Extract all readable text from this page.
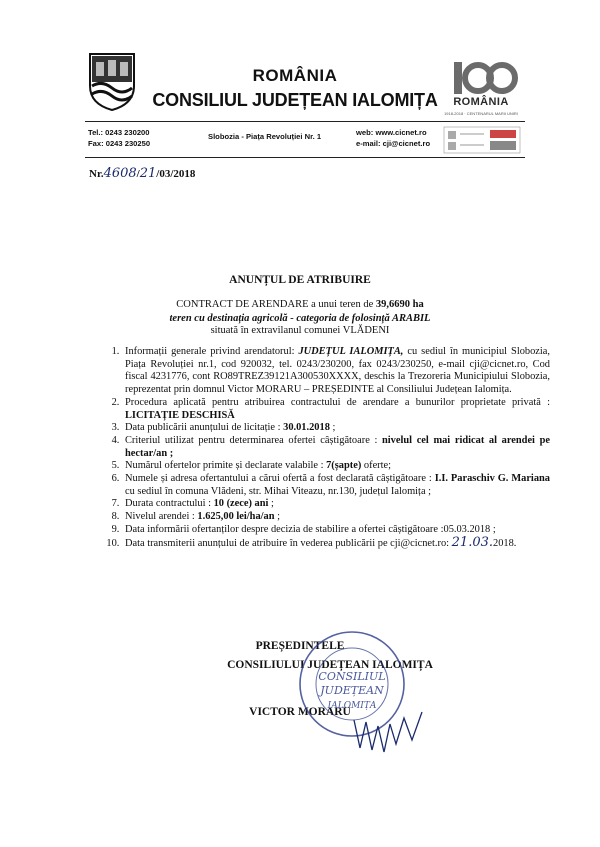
ROMÂNIA
CONSILIUL JUDEȚEAN IALOMIȚA	ROMÂNIA
1918-2018 · CENTENARUL MARII UNIRI
Tel.: 0243 230200
Fax: 0243 230250
Slobozia - Piața Revoluției Nr. 1	web: www.cicnet.ro
e-mail: cji@cicnet.ro
Nr.4608/21/03/2018
ANUNȚUL DE ATRIBUIRE
CONTRACT DE ARENDARE a unui teren de 39,6690 ha
teren cu destinația agricolă - categoria de folosință ARABIL
situată în extravilanul comunei VLĂDENI
1. Informații generale privind arendatorul: JUDEȚUL IALOMIȚA, cu sediul în municipiul Slobozia, Piața Revoluției nr.1, cod 920032, tel. 0243/230200, fax 0243/230250, e-mail cji@cicnet.ro, Cod fiscal 4231776, cont RO89TREZ39121A300530XXXX, deschis la Trezoreria Municipiului Slobozia, reprezentat prin domnul Victor MORARU – PREȘEDINTE al Consiliului Județean Ialomița.
2. Procedura aplicată pentru atribuirea contractului de arendare a bunurilor proprietate privată : LICITAȚIE DESCHISĂ
3. Data publicării anunțului de licitație : 30.01.2018 ;
4. Criteriul utilizat pentru determinarea ofertei câștigătoare : nivelul cel mai ridicat al arendei pe hectar/an ;
5. Numărul ofertelor primite și declarate valabile : 7(șapte) oferte;
6. Numele și adresa ofertantului a cărui ofertă a fost declarată câștigătoare : I.I. Paraschiv G. Mariana cu sediul în comuna Vlădeni, str. Mihai Viteazu, nr.130, județul Ialomița ;
7. Durata contractului : 10 (zece) ani ;
8. Nivelul arendei : 1.625,00 lei/ha/an ;
9. Data informării ofertanților despre decizia de stabilire a ofertei câștigătoare :05.03.2018 ;
10. Data transmiterii anunțului de atribuire în vederea publicării pe cji@cicnet.ro: 21.03.2018.
PREȘEDINTELE
CONSILIULUI JUDEȚEAN IALOMIȚA
VICTOR MORARU
CONSILIUL
JUDEȚEAN
IALOMIȚA
